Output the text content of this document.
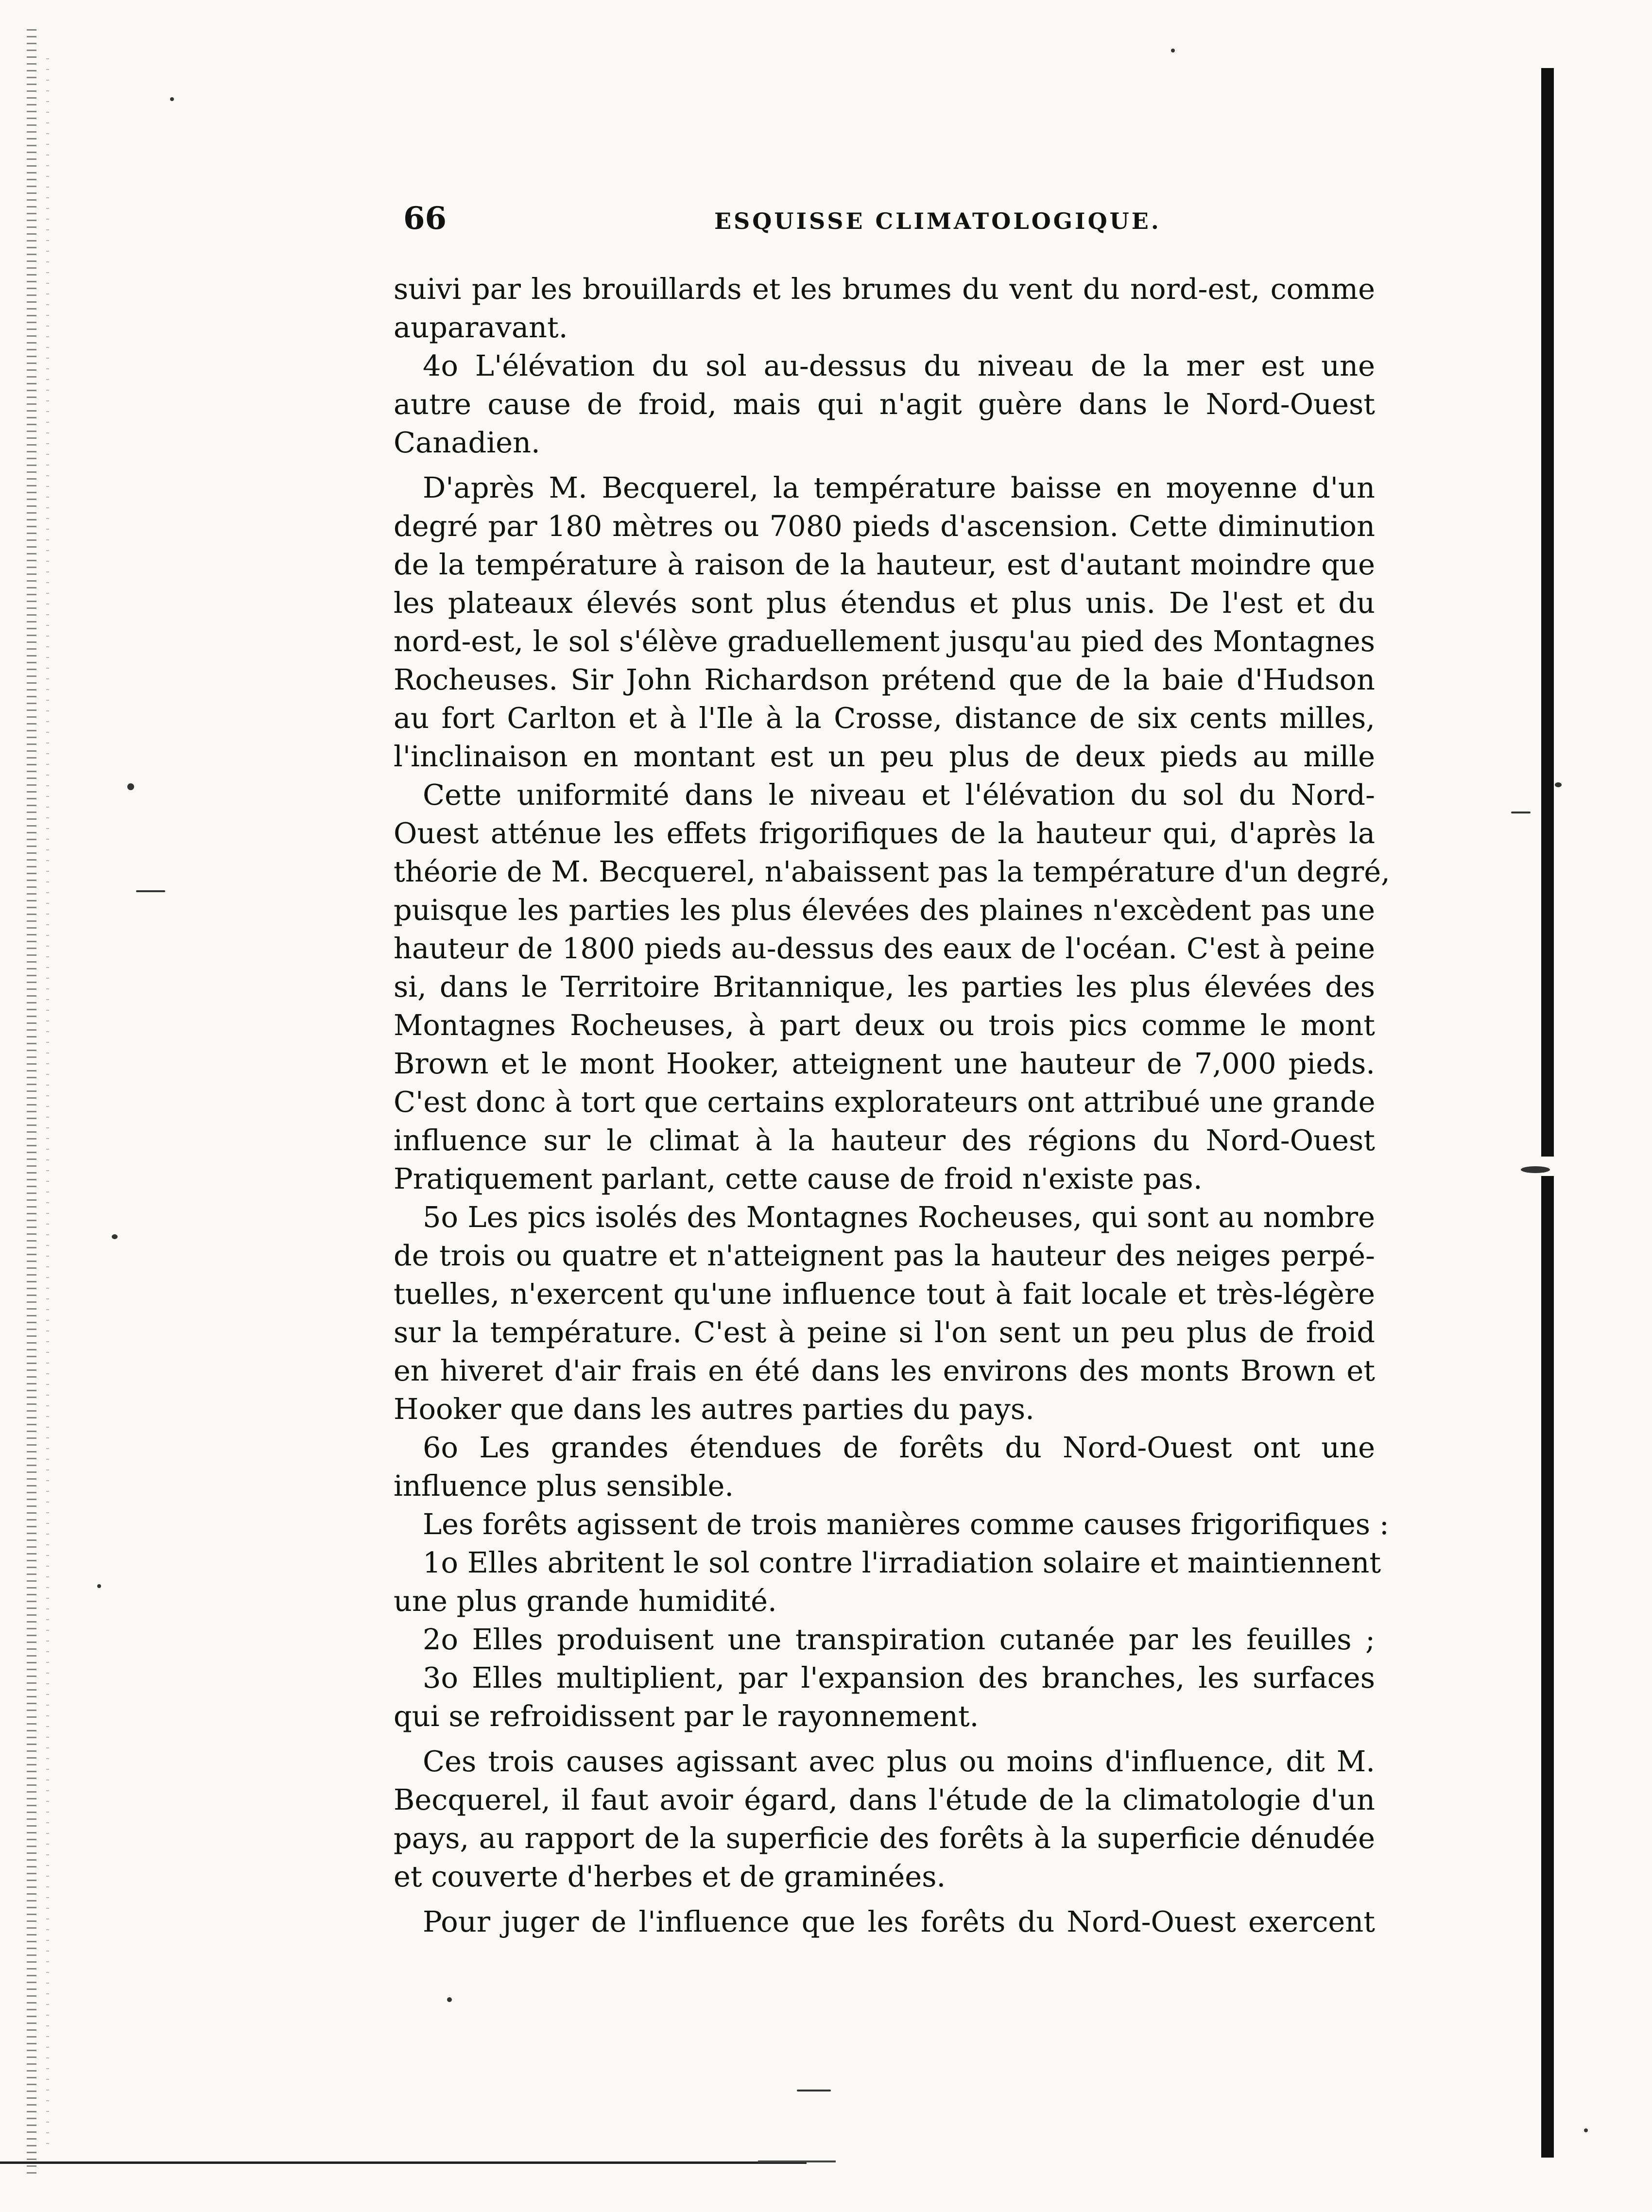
66	ESQUISSE CLIMATOLOGIQUE.
suivi par les brouillards et les brumes du vent du nord-est, comme
auparavant.
4o L'élévation du sol au-dessus du niveau de la mer est une
autre cause de froid, mais qui n'agit guère dans le Nord-Ouest
Canadien.
D'après M. Becquerel, la température baisse en moyenne d'un
degré par 180 mètres ou 7080 pieds d'ascension. Cette diminution
de la température à raison de la hauteur, est d'autant moindre que
les plateaux élevés sont plus étendus et plus unis. De l'est et du
nord-est, le sol s'élève graduellement jusqu'au pied des Montagnes
Rocheuses. Sir John Richardson prétend que de la baie d'Hudson
au fort Carlton et à l'Ile à la Crosse, distance de six cents milles,
l'inclinaison en montant est un peu plus de deux pieds au mille
Cette uniformité dans le niveau et l'élévation du sol du Nord-
Ouest atténue les effets frigorifiques de la hauteur qui, d'après la
théorie de M. Becquerel, n'abaissent pas la température d'un degré,
puisque les parties les plus élevées des plaines n'excèdent pas une
hauteur de 1800 pieds au-dessus des eaux de l'océan. C'est à peine
si, dans le Territoire Britannique, les parties les plus élevées des
Montagnes Rocheuses, à part deux ou trois pics comme le mont
Brown et le mont Hooker, atteignent une hauteur de 7,000 pieds.
C'est donc à tort que certains explorateurs ont attribué une grande
influence sur le climat à la hauteur des régions du Nord-Ouest
Pratiquement parlant, cette cause de froid n'existe pas.
5o Les pics isolés des Montagnes Rocheuses, qui sont au nombre
de trois ou quatre et n'atteignent pas la hauteur des neiges perpé-
tuelles, n'exercent qu'une influence tout à fait locale et très-légère
sur la température. C'est à peine si l'on sent un peu plus de froid
en hiveret d'air frais en été dans les environs des monts Brown et
Hooker que dans les autres parties du pays.
6o Les grandes étendues de forêts du Nord-Ouest ont une
influence plus sensible.
Les forêts agissent de trois manières comme causes frigorifiques :
1o Elles abritent le sol contre l'irradiation solaire et maintiennent
une plus grande humidité.
2o Elles produisent une transpiration cutanée par les feuilles ;
3o Elles multiplient, par l'expansion des branches, les surfaces
qui se refroidissent par le rayonnement.
Ces trois causes agissant avec plus ou moins d'influence, dit M.
Becquerel, il faut avoir égard, dans l'étude de la climatologie d'un
pays, au rapport de la superficie des forêts à la superficie dénudée
et couverte d'herbes et de graminées.
Pour juger de l'influence que les forêts du Nord-Ouest exercent
